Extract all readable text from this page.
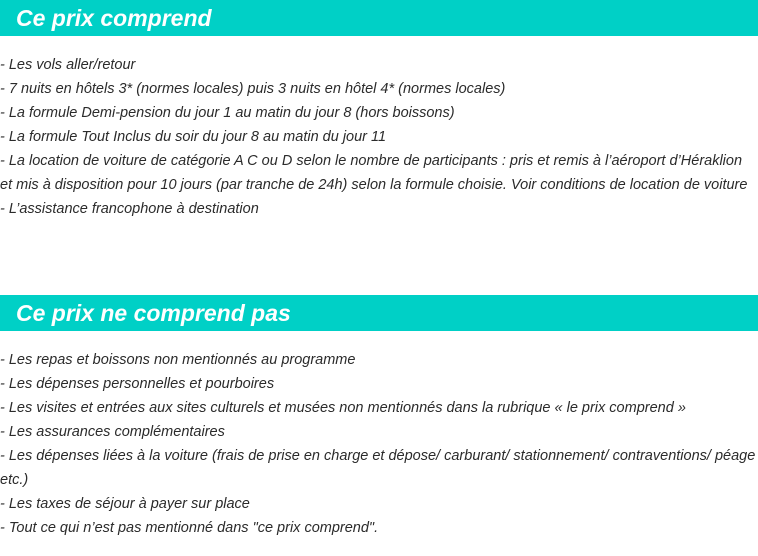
Ce prix comprend
- Les vols aller/retour
- 7 nuits en hôtels 3* (normes locales) puis 3 nuits en hôtel 4* (normes locales)
- La formule Demi-pension du jour 1 au matin du jour 8 (hors boissons)
- La formule Tout Inclus du soir du jour 8 au matin du jour 11
- La location de voiture de catégorie A C ou D selon le nombre de participants : pris et remis à l’aéroport d’Héraklion et mis à disposition pour 10 jours (par tranche de 24h) selon la formule choisie. Voir conditions de location de voiture
- L’assistance francophone à destination
Ce prix ne comprend pas
- Les repas et boissons non mentionnés au programme
- Les dépenses personnelles et pourboires
- Les visites et entrées aux sites culturels et musées non mentionnés dans la rubrique « le prix comprend »
- Les assurances complémentaires
- Les dépenses liées à la voiture (frais de prise en charge et dépose/ carburant/ stationnement/ contraventions/ péage etc.)
- Les taxes de séjour à payer sur place
- Tout ce qui n’est pas mentionné dans "ce prix comprend".
